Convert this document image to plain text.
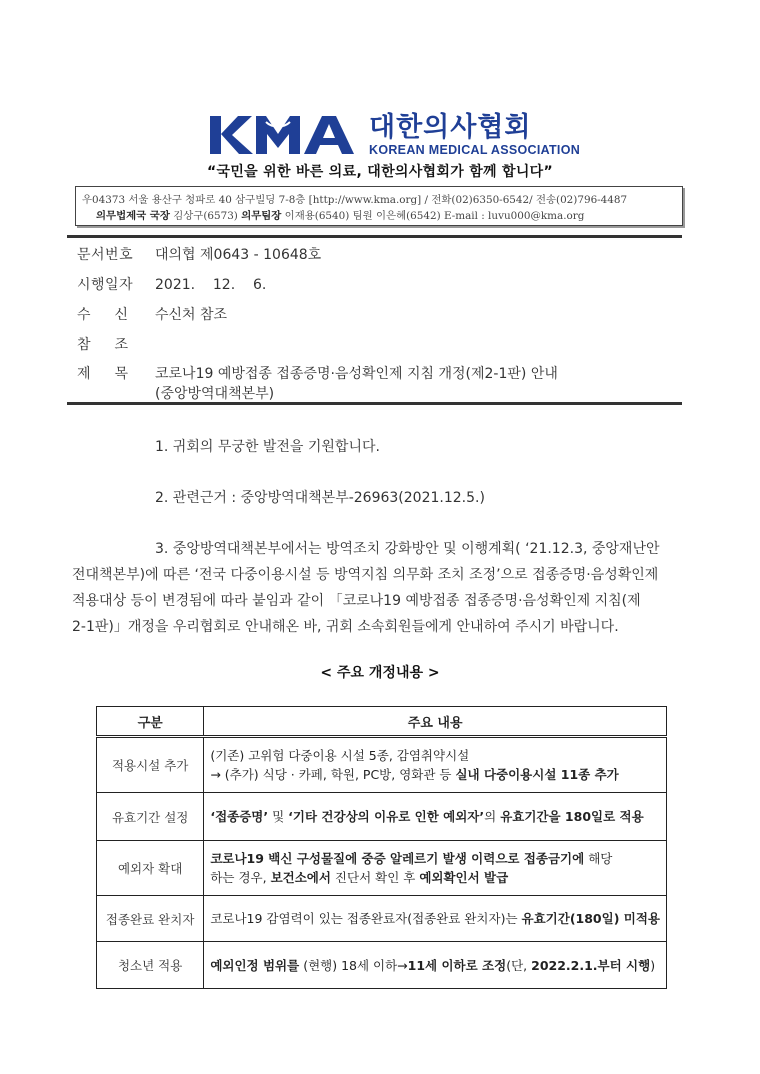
대한의사협회
KOREAN MEDICAL ASSOCIATION
“국민을 위한 바른 의료, 대한의사협회가 함께 합니다”
우04373 서울 용산구 청파로 40 삼구빌딩 7-8층 [http://www.kma.org] / 전화(02)6350-6542/ 전송(02)796-4487
의무법제국 국장 김상구(6573) 의무팀장 이재용(6540) 팀원 이은혜(6542) E-mail : luvu000@kma.org
문서번호 대의협 제0643 - 10648호
시행일자 2021.    12.    6.
수신 수신처 참조
참조
제목 코로나19 예방접종 접종증명·음성확인제 지침 개정(제2-1판) 안내
(중앙방역대책본부)
1. 귀회의 무궁한 발전을 기원합니다.
2. 관련근거 : 중앙방역대책본부-26963(2021.12.5.)
3. 중앙방역대책본부에서는 방역조치 강화방안 및 이행계획( ‘21.12.3, 중앙재난안
전대책본부)에 따른 ‘전국 다중이용시설 등 방역지침 의무화 조치 조정’으로 접종증명·음성확인제
적용대상 등이 변경됨에 따라 붙임과 같이 「코로나19 예방접종 접종증명·음성확인제 지침(제
2-1판)」개정을 우리협회로 안내해온 바, 귀회 소속회원들에게 안내하여 주시기 바랍니다.
< 주요 개정내용 >
구분	주요 내용
적용시설 추가	(기존) 고위험 다중이용 시설 5종, 감염취약시설
→ (추가) 식당 · 카페, 학원, PC방, 영화관 등 실내 다중이용시설 11종 추가

유효기간 설정	‘접종증명’ 및 ‘기타 건강상의 이유로 인한 예외자’의 유효기간을 180일로 적용
예외자 확대	코로나19 백신 구성물질에 중증 알레르기 발생 이력으로 접종금기에 해당
하는 경우, 보건소에서 진단서 확인 후 예외확인서 발급

접종완료 완치자	코로나19 감염력이 있는 접종완료자(접종완료 완치자)는 유효기간(180일) 미적용
청소년 적용	예외인정 범위를 (현행) 18세 이하→11세 이하로 조정(단, 2022.2.1.부터 시행)
